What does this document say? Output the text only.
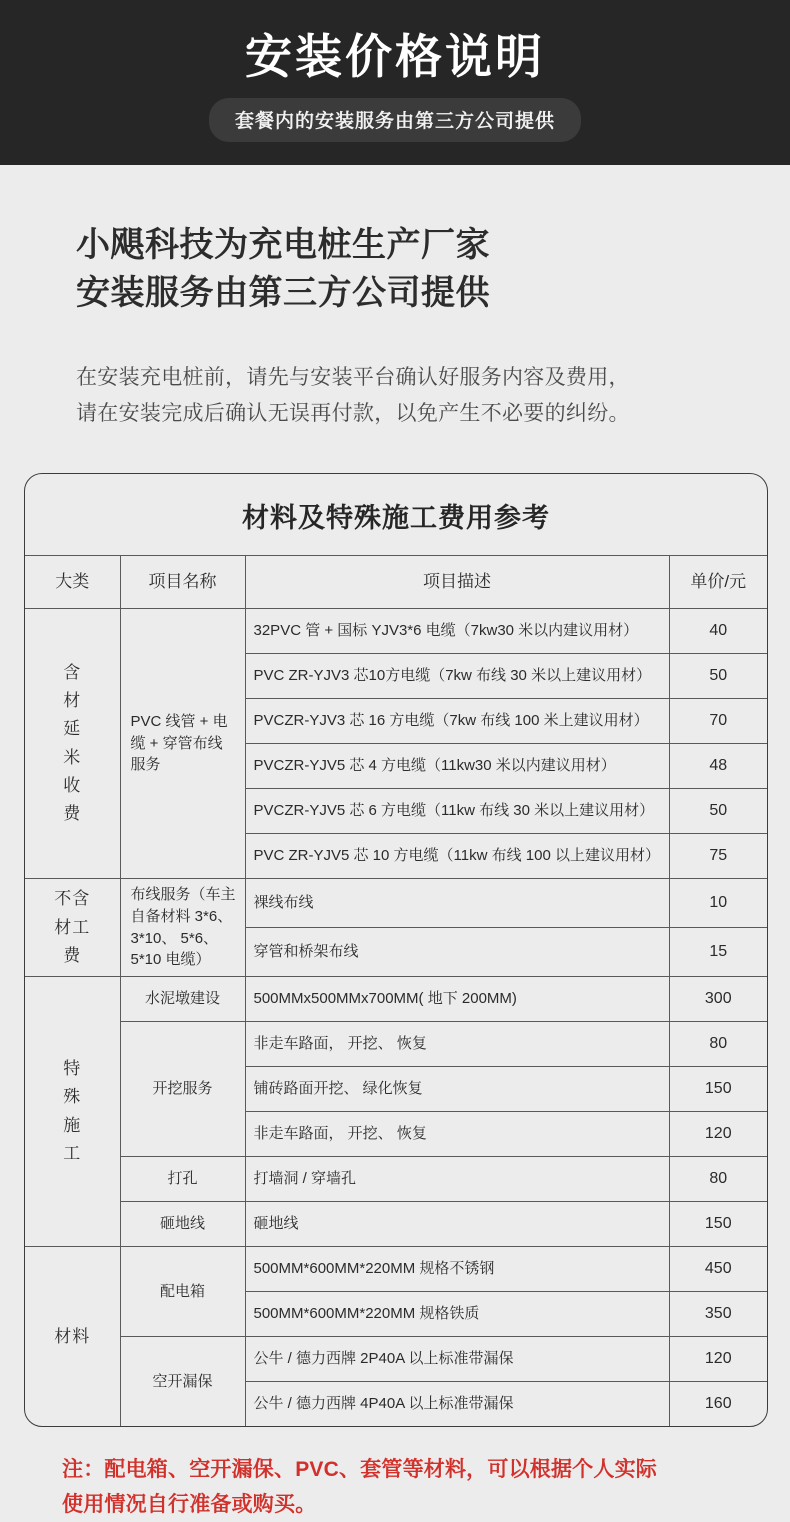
安装价格说明
套餐内的安装服务由第三方公司提供
小飓科技为充电桩生产厂家
安装服务由第三方公司提供
在安装充电桩前，请先与安装平台确认好服务内容及费用，
请在安装完成后确认无误再付款，以免产生不必要的纠纷。
材料及特殊施工费用参考
大类	项目名称	项目描述	单价/元
含材延米收费	PVC 线管 + 电缆 + 穿管布线服务	32PVC 管 + 国标 YJV3*6 电缆（7kw30 米以内建议用材）	40
		PVC ZR-YJV3 芯10方电缆（7kw 布线 30 米以上建议用材）	50
		PVCZR-YJV3 芯 16 方电缆（7kw 布线 100 米上建议用材）	70
		PVCZR-YJV5 芯 4 方电缆（11kw30 米以内建议用材）	48
		PVCZR-YJV5 芯 6 方电缆（11kw 布线 30 米以上建议用材）	50
		PVC ZR-YJV5 芯 10 方电缆（11kw 布线 100 以上建议用材）	75
不含材工费	布线服务（车主自备材料 3*6、3*10、 5*6、5*10 电缆）	裸线布线	10
		穿管和桥架布线	15
特殊施工	水泥墩建设	500MMx500MMx700MM( 地下 200MM)	300
	开挖服务	非走车路面， 开挖、 恢复	80
		铺砖路面开挖、 绿化恢复	150
		非走车路面， 开挖、 恢复	120
	打孔	打墙洞 / 穿墙孔	80
	砸地线	砸地线	150
材料	配电箱	500MM*600MM*220MM 规格不锈钢	450
		500MM*600MM*220MM 规格铁质	350
	空开漏保	公牛 / 德力西牌 2P40A 以上标准带漏保	120
		公牛 / 德力西牌 4P40A 以上标准带漏保	160
注：配电箱、空开漏保、PVC、套管等材料，可以根据个人实际
使用情况自行准备或购买。
